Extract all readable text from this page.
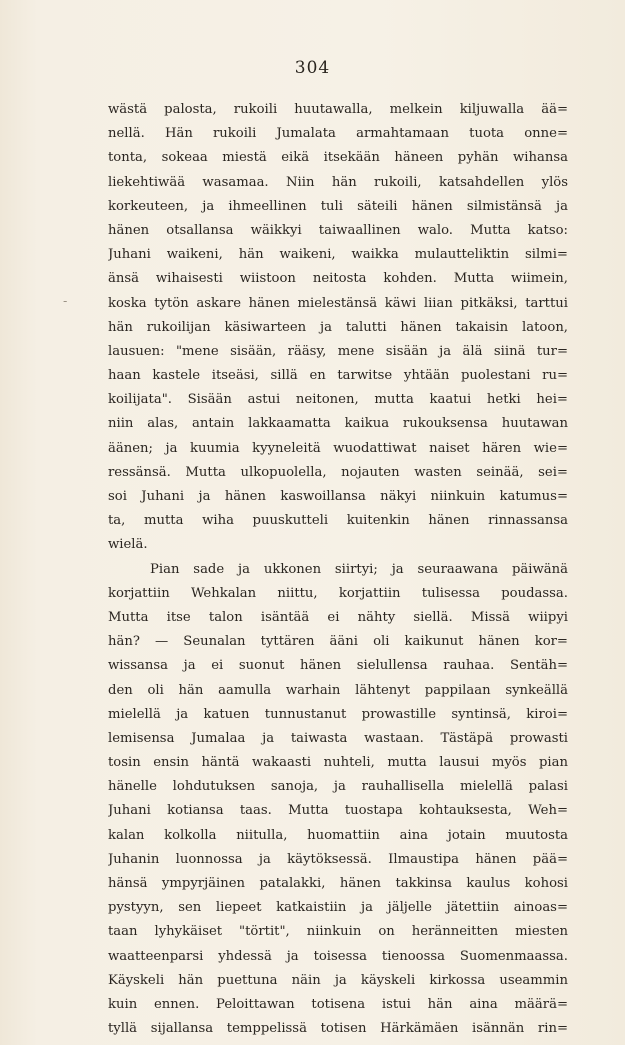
304
-
wästä palosta, rukoili huutawalla, melkein kiljuwalla ää=
nellä. Hän rukoili Jumalata armahtamaan tuota onne=
tonta, sokeaa miestä eikä itsekään häneen pyhän wihansa
liekehtiwää wasamaa. Niin hän rukoili, katsahdellen ylös
korkeuteen, ja ihmeellinen tuli säteili hänen silmistänsä ja
hänen otsallansa wäikkyi taiwaallinen walo. Mutta katso:
Juhani waikeni, hän waikeni, waikka mulautteliktin silmi=
änsä wihaisesti wiistoon neitosta kohden. Mutta wiimein,
koska tytön askare hänen mielestänsä käwi liian pitkäksi, tarttui
hän rukoilijan käsiwarteen ja talutti hänen takaisin latoon,
lausuen: "mene sisään, rääsy, mene sisään ja älä siinä tur=
haan kastele itseäsi, sillä en tarwitse yhtään puolestani ru=
koilijata". Sisään astui neitonen, mutta kaatui hetki hei=
niin alas, antain lakkaamatta kaikua rukouksensa huutawan
äänen; ja kuumia kyyneleitä wuodattiwat naiset hären wie=
ressänsä. Mutta ulkopuolella, nojauten wasten seinää, sei=
soi Juhani ja hänen kaswoillansa näkyi niinkuin katumus=
ta, mutta wiha puuskutteli kuitenkin hänen rinnassansa
wielä.
Pian sade ja ukkonen siirtyi; ja seuraawana päiwänä
korjattiin Wehkalan niittu, korjattiin tulisessa poudassa.
Mutta itse talon isäntää ei nähty siellä. Missä wiipyi
hän? — Seunalan tyttären ääni oli kaikunut hänen kor=
wissansa ja ei suonut hänen sielullensa rauhaa. Sentäh=
den oli hän aamulla warhain lähtenyt pappilaan synkeällä
mielellä ja katuen tunnustanut prowastille syntinsä, kiroi=
lemisensa Jumalaa ja taiwasta wastaan. Tästäpä prowasti
tosin ensin häntä wakaasti nuhteli, mutta lausui myös pian
hänelle lohdutuksen sanoja, ja rauhallisella mielellä palasi
Juhani kotiansa taas. Mutta tuostapa kohtauksesta, Weh=
kalan kolkolla niitulla, huomattiin aina jotain muutosta
Juhanin luonnossa ja käytöksessä. Ilmaustipa hänen pää=
hänsä ympyrjäinen patalakki, hänen takkinsa kaulus kohosi
pystyyn, sen liepeet katkaistiin ja jäljelle jätettiin ainoas=
taan lyhykäiset "törtit", niinkuin on heränneitten miesten
waatteenparsi yhdessä ja toisessa tienoossa Suomenmaassa.
Käyskeli hän puettuna näin ja käyskeli kirkossa useammin
kuin ennen. Peloittawan totisena istui hän aina määrä=
tyllä sijallansa temppelissä totisen Härkämäen isännän rin=
